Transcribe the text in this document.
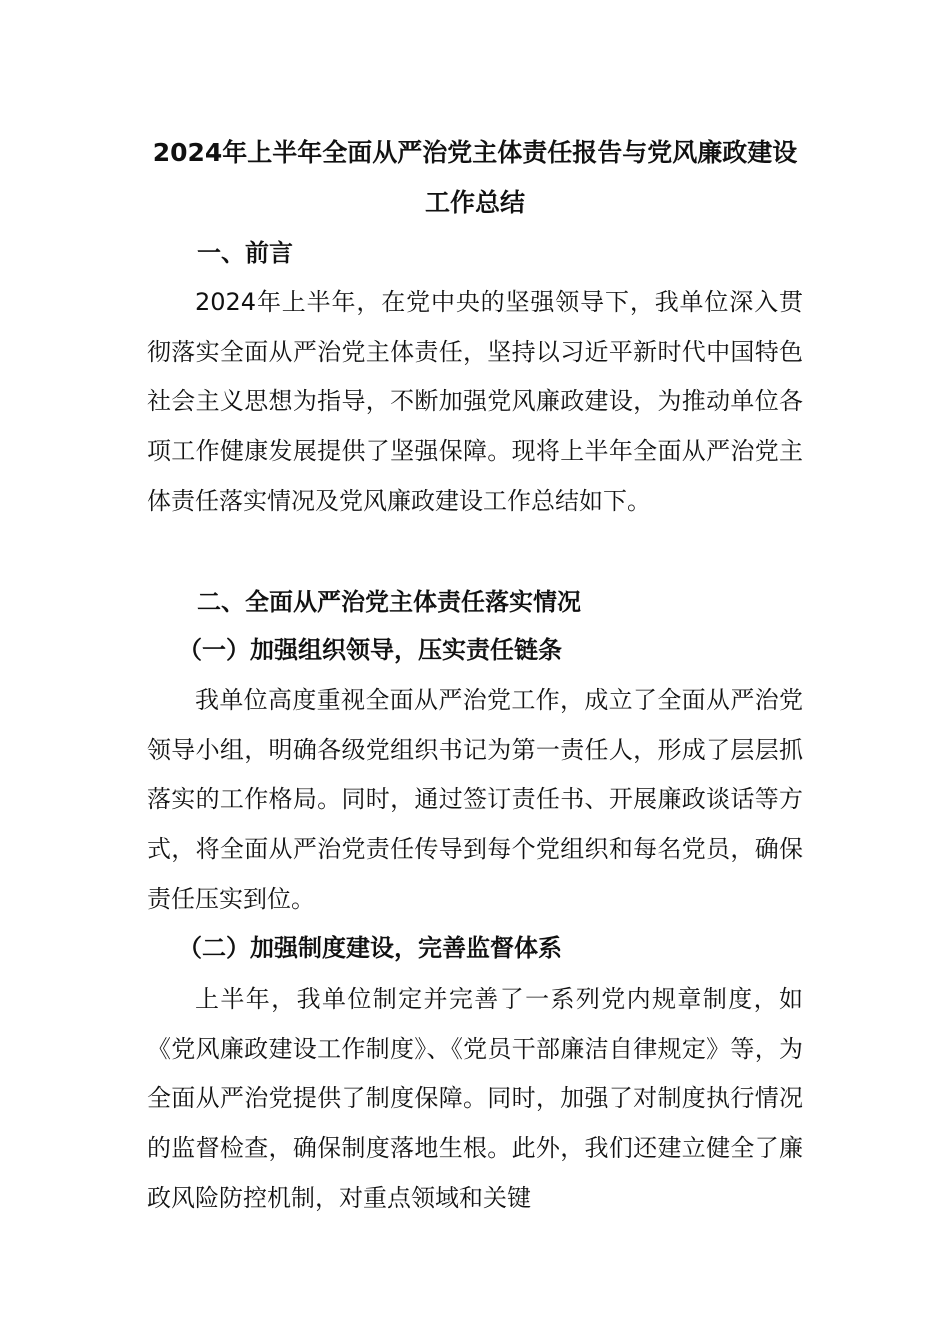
2024年上半年全面从严治党主体责任报告与党风廉政建设
工作总结
一、前言
2024年上半年，在党中央的坚强领导下，我单位深入贯彻落实全面从严治党主体责任，坚持以习近平新时代中国特色社会主义思想为指导，不断加强党风廉政建设，为推动单位各项工作健康发展提供了坚强保障。现将上半年全面从严治党主体责任落实情况及党风廉政建设工作总结如下。
二、全面从严治党主体责任落实情况
（一）加强组织领导，压实责任链条
我单位高度重视全面从严治党工作，成立了全面从严治党领导小组，明确各级党组织书记为第一责任人，形成了层层抓落实的工作格局。同时，通过签订责任书、开展廉政谈话等方式，将全面从严治党责任传导到每个党组织和每名党员，确保责任压实到位。
（二）加强制度建设，完善监督体系
上半年，我单位制定并完善了一系列党内规章制度，如《党风廉政建设工作制度》、《党员干部廉洁自律规定》等，为全面从严治党提供了制度保障。同时，加强了对制度执行情况的监督检查，确保制度落地生根。此外，我们还建立健全了廉政风险防控机制，对重点领域和关键
